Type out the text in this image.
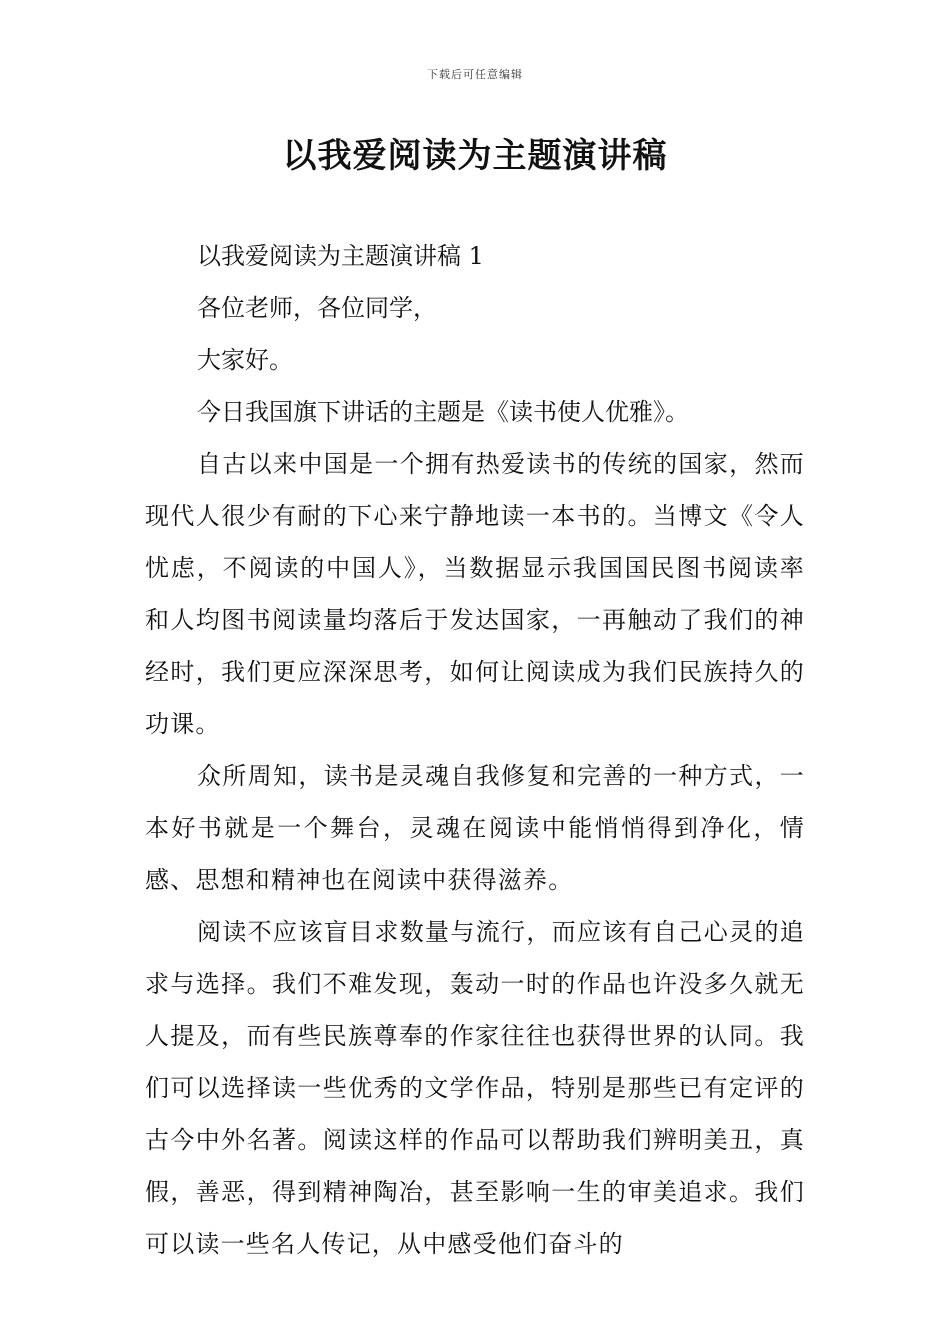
下载后可任意编辑
以我爱阅读为主题演讲稿

以我爱阅读为主题演讲稿 1

各位老师，各位同学，

大家好。

今日我国旗下讲话的主题是《读书使人优雅》。

自古以来中国是一个拥有热爱读书的传统的国家，然而现代人很少有耐的下心来宁静地读一本书的。当博文《令人忧虑，不阅读的中国人》，当数据显示我国国民图书阅读率和人均图书阅读量均落后于发达国家，一再触动了我们的神经时，我们更应深深思考，如何让阅读成为我们民族持久的功课。

众所周知，读书是灵魂自我修复和完善的一种方式，一本好书就是一个舞台，灵魂在阅读中能悄悄得到净化，情感、思想和精神也在阅读中获得滋养。

阅读不应该盲目求数量与流行，而应该有自己心灵的追求与选择。我们不难发现，轰动一时的作品也许没多久就无人提及，而有些民族尊奉的作家往往也获得世界的认同。我们可以选择读一些优秀的文学作品，特别是那些已有定评的古今中外名著。阅读这样的作品可以帮助我们辨明美丑，真假，善恶，得到精神陶冶，甚至影响一生的审美追求。我们可以读一些名人传记，从中感受他们奋斗的
